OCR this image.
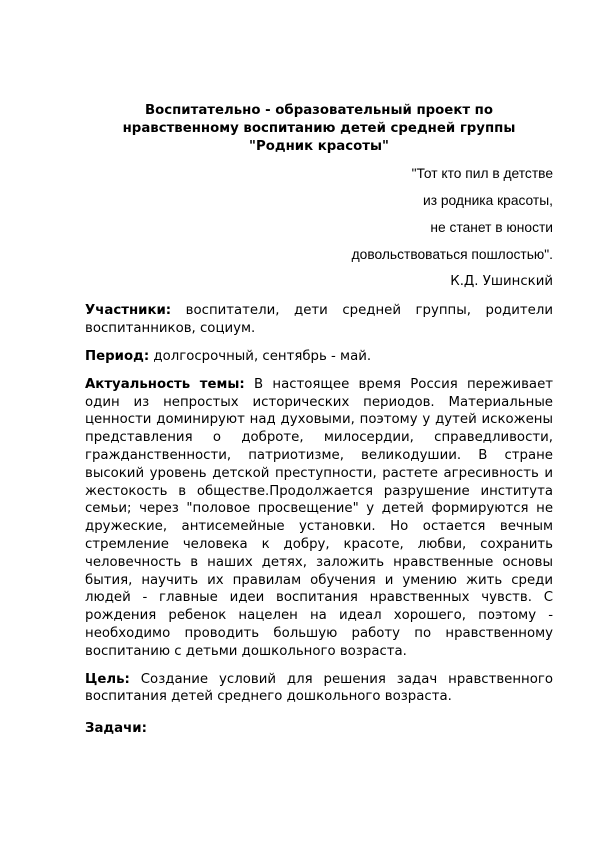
Воспитательно - образовательный проект по
нравственному воспитанию детей средней группы
"Родник красоты"
"Тот кто пил в детстве
из родника красоты,
не станет в юности
довольствоваться пошлостью".
К.Д. Ушинский

Участники: воспитатели, дети средней группы, родители воспитанников, социум.

Период: долгосрочный, сентябрь - май.

Актуальность темы: В настоящее время Россия переживает один из непростых исторических периодов. Материальные ценности доминируют над духовыми, поэтому у дутей искожены представления о доброте, милосердии, справедливости, гражданственности, патриотизме, великодушии. В стране высокий уровень детской преступности, растете агресивность и жестокость в обществе.Продолжается разрушение института семьи; через "половое просвещение" у детей формируются не дружеские, антисемейные установки. Но остается вечным стремление человека к добру, красоте, любви, сохранить человечность в наших детях, заложить нравственные основы бытия, научить их правилам обучения и умению жить среди людей - главные идеи воспитания нравственных чувств. С рождения ребенок нацелен на идеал хорошего, поэтому - необходимо проводить большую работу по нравственному воспитанию с детьми дошкольного возраста.

Цель: Создание условий для решения задач нравственного воспитания детей среднего дошкольного возраста.

Задачи:
